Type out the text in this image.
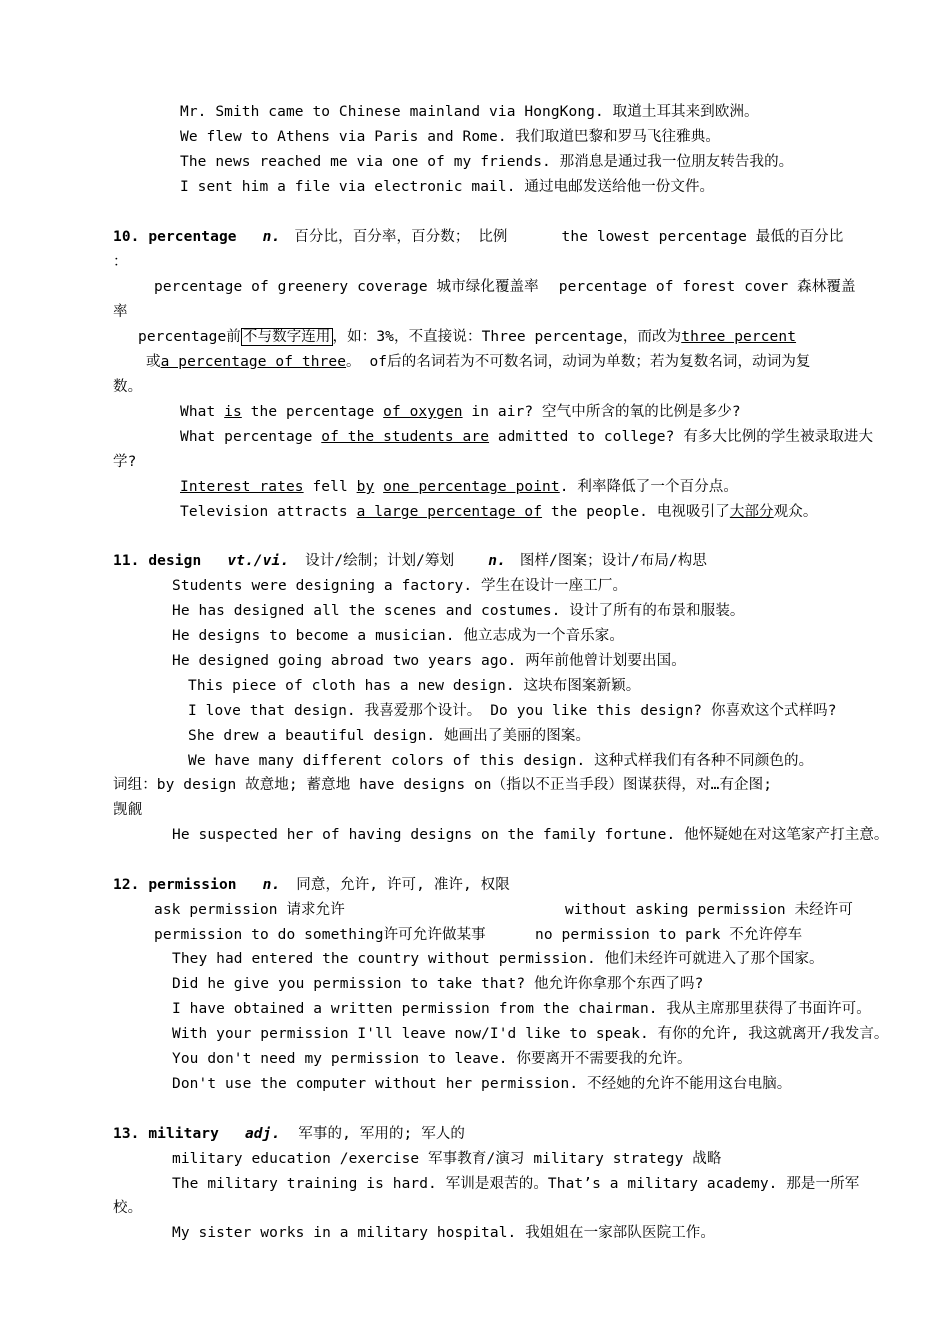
Mr. Smith came to Chinese mainland via HongKong. 取道土耳其来到欧洲。
We flew to Athens via Paris and Rome. 我们取道巴黎和罗马飞往雅典。
The news reached me via one of my friends. 那消息是通过我一位朋友转告我的。
I sent him a file via electronic mail. 通过电邮发送给他一份文件。
10. percentage n. 百分比，百分率，百分数； 比例	the lowest percentage 最低的百分比
：
percentage of greenery coverage 城市绿化覆盖率 percentage of forest cover 森林覆盖
率
percentage前 不与数字连用 ，如：3%，不直接说：Three percentage，而改为three percent
或a percentage of three。 of后的名词若为不可数名词，动词为单数；若为复数名词，动词为复
数。
What is the percentage of oxygen in air? 空气中所含的氧的比例是多少?
What percentage of the students are admitted to college? 有多大比例的学生被录取进大
学?
Interest rates fell by one percentage point. 利率降低了一个百分点。
Television attracts a large percentage of the people. 电视吸引了大部分观众。
11. design vt./vi. 设计/绘制；计划/筹划 n. 图样/图案；设计/布局/构思
Students were designing a factory. 学生在设计一座工厂。
He has designed all the scenes and costumes. 设计了所有的布景和服装。
He designs to become a musician. 他立志成为一个音乐家。
He designed going abroad two years ago. 两年前他曾计划要出国。
This piece of cloth has a new design. 这块布图案新颖。
I love that design. 我喜爱那个设计。 Do you like this design? 你喜欢这个式样吗?
She drew a beautiful design. 她画出了美丽的图案。
We have many different colors of this design. 这种式样我们有各种不同颜色的。
词组：by design 故意地; 蓄意地 have designs on（指以不正当手段）图谋获得，对…有企图;
觊觎
He suspected her of having designs on the family fortune. 他怀疑她在对这笔家产打主意。
12. permission n. 同意，允许, 许可, 准许, 权限
ask permission 请求允许	without asking permission 未经许可
permission to do something许可允许做某事	no permission to park 不允许停车
They had entered the country without permission. 他们未经许可就进入了那个国家。
Did he give you permission to take that? 他允许你拿那个东西了吗?
I have obtained a written permission from the chairman. 我从主席那里获得了书面许可。
With your permission I'll leave now/I'd like to speak. 有你的允许, 我这就离开/我发言。
You don't need my permission to leave. 你要离开不需要我的允许。
Don't use the computer without her permission. 不经她的允许不能用这台电脑。
13. military adj. 军事的, 军用的; 军人的
military education /exercise 军事教育/演习 military strategy 战略
The military training is hard. 军训是艰苦的。That’s a military academy. 那是一所军
校。
My sister works in a military hospital. 我姐姐在一家部队医院工作。
